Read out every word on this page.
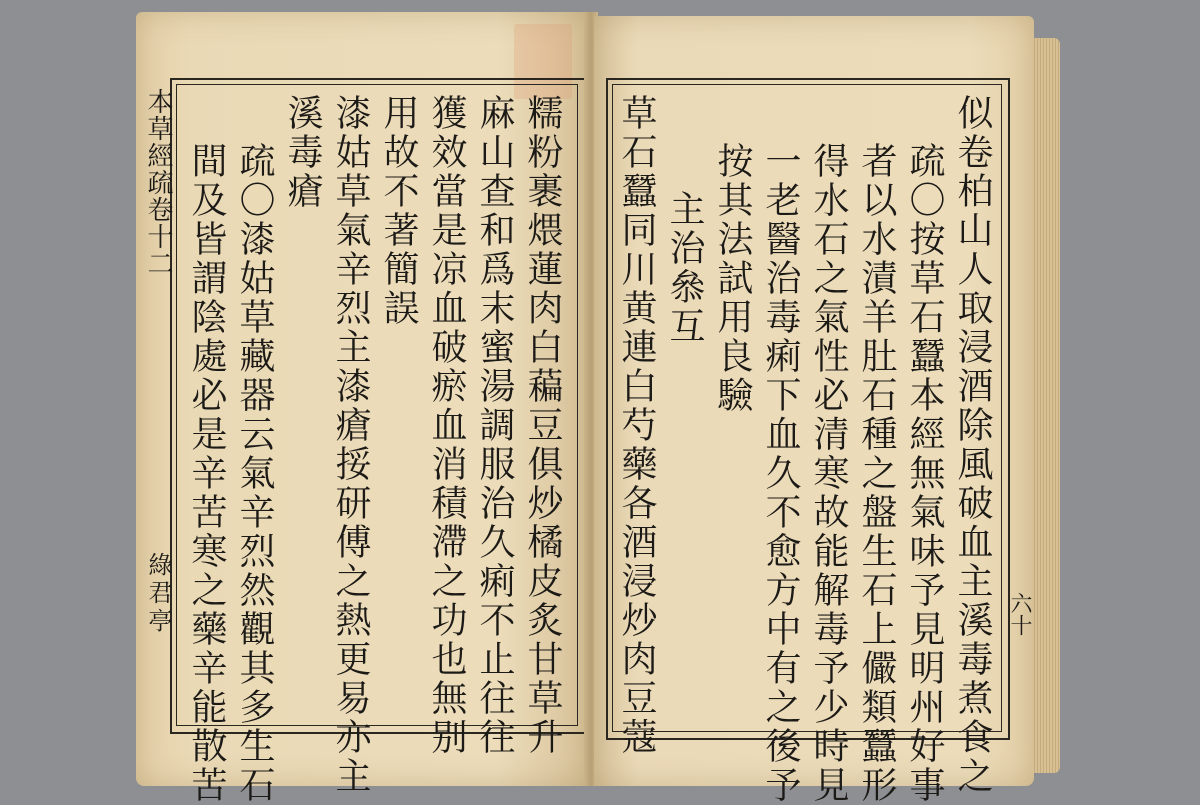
本草經疏卷十二
綠君亭	糯粉裹煨蓮肉白藊豆俱炒橘皮炙甘草升
麻山查和爲末蜜湯調服治久痢不止往往
獲效當是凉血破瘀血消積滯之功也無别
用故不著簡誤
漆姑草氣辛烈主漆瘡挼研傅之熱更易亦主
溪毒瘡
疏〇漆姑草藏器云氣辛烈然觀其多生石
間及皆謂陰處必是辛苦寒之藥辛能散苦	六十
似卷柏山人取浸酒除風破血主溪毒煮食之
疏〇按草石蠶本經無氣味予見明州好事
者以水漬羊肚石種之盤生石上儼類蠶形
得水石之氣性必清寒故能解毒予少時見
一老醫治毒痢下血久不愈方中有之後予
按其法試用良驗
主治叅互
草石蠶同川黄連白芍藥各酒浸炒肉豆蔻
